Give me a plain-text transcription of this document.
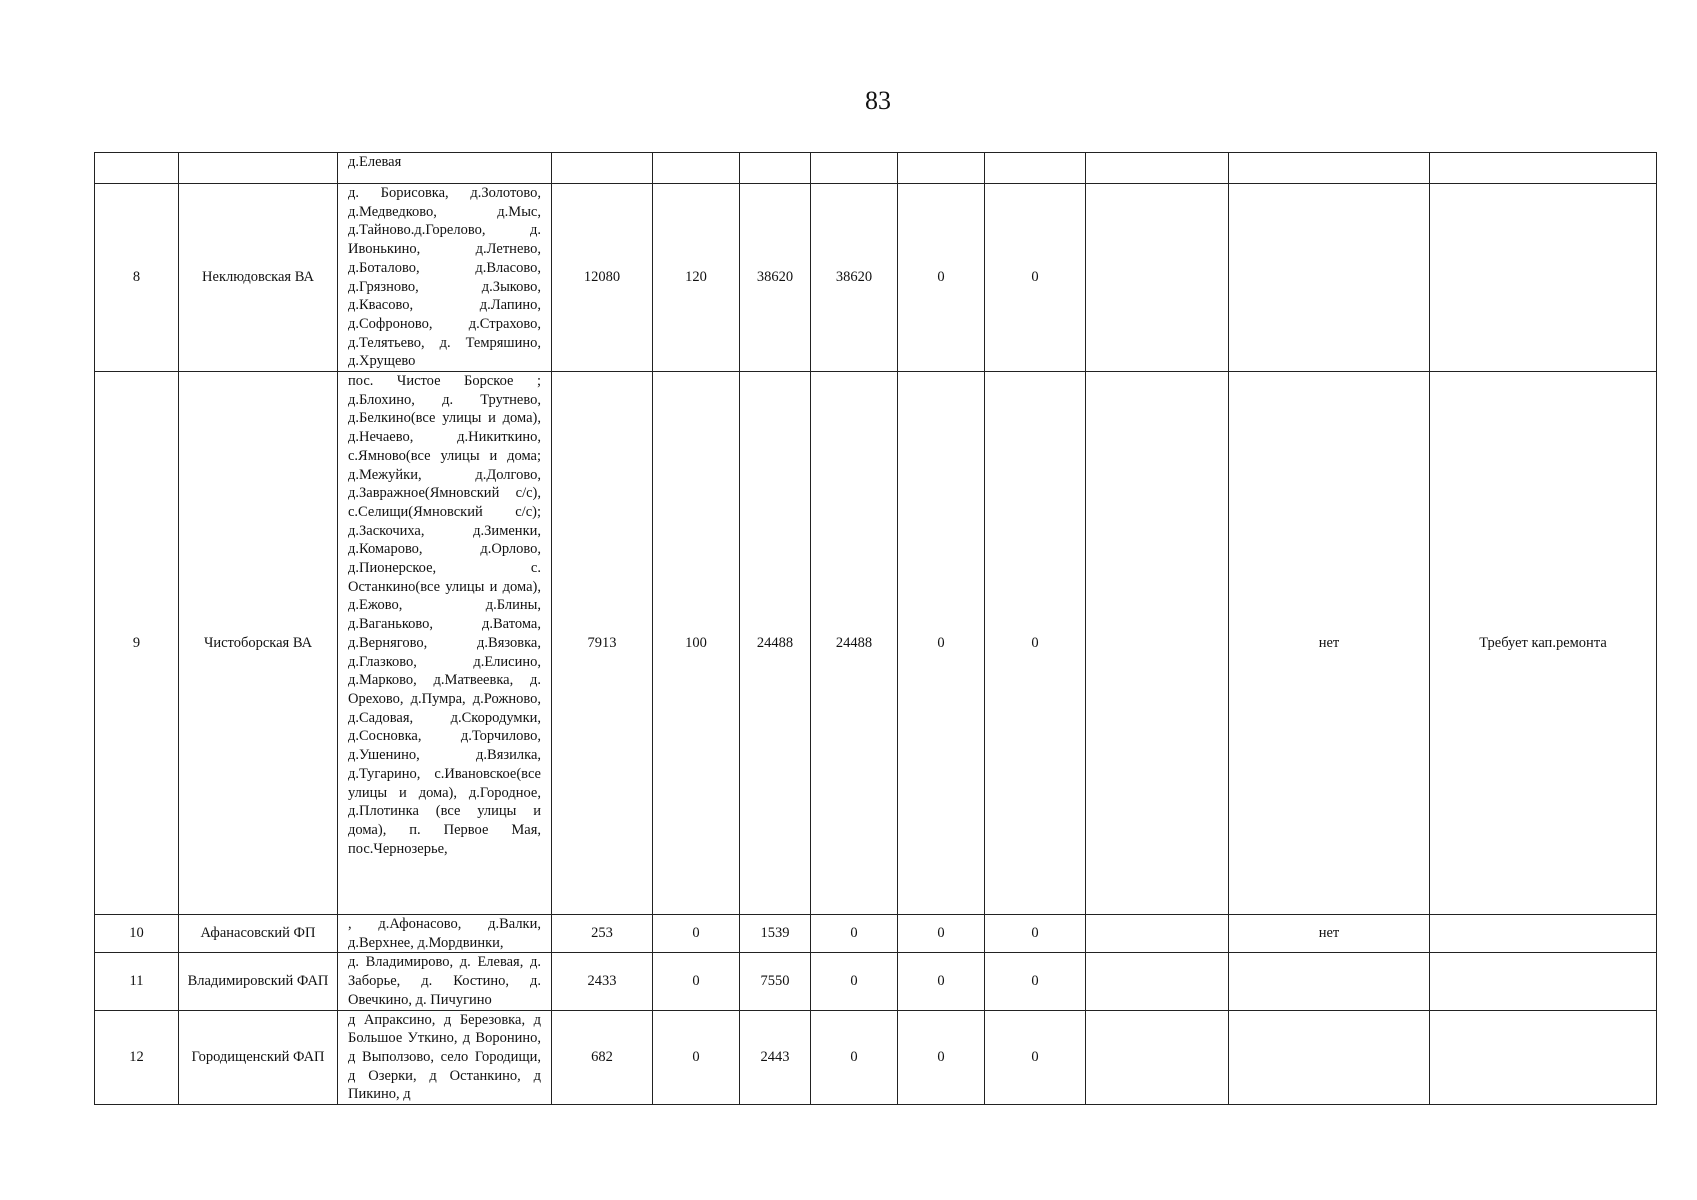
83
		д.Елевая									
8	Неклюдовская ВА	д. Борисовка, д.Золотово, д.Медведково, д.Мыс, д.Тайново.д.Горелово, д. Ивонькино, д.Летнево, д.Боталово, д.Власово, д.Грязново, д.Зыково, д.Квасово, д.Лапино, д.Софроново, д.Страхово, д.Телятьево, д. Темряшино, д.Хрущево	12080	120	38620	38620	0	0			
9	Чистоборская ВА	пос. Чистое Борское ; д.Блохино, д. Трутнево, д.Белкино(все улицы и дома), д.Нечаево, д.Никиткино, с.Ямново(все улицы и дома; д.Межуйки, д.Долгово, д.Завражное(Ямновский с/с), с.Селищи(Ямновский с/с); д.Заскочиха, д.Зименки, д.Комарово, д.Орлово, д.Пионерское, с. Останкино(все улицы и дома), д.Ежово, д.Блины, д.Ваганьково, д.Ватома, д.Вернягово, д.Вязовка, д.Глазково, д.Елисино, д.Марково, д.Матвеевка, д. Орехово, д.Пумра, д.Рожново, д.Садовая, д.Скородумки, д.Сосновка, д.Торчилово, д.Ушенино, д.Вязилка, д.Тугарино, с.Ивановское(все улицы и дома), д.Городное, д.Плотинка (все улицы и дома), п. Первое Мая, пос.Чернозерье,	7913	100	24488	24488	0	0		нет	Требует кап.ремонта
10	Афанасовский ФП	, д.Афонасово, д.Валки, д.Верхнее, д.Мордвинки,	253	0	1539	0	0	0		нет	
11	Владимировский ФАП	д. Владимирово, д. Елевая, д. Заборье, д. Костино, д. Овечкино, д. Пичугино	2433	0	7550	0	0	0			
12	Городищенский ФАП	д Апраксино, д Березовка, д Большое Уткино, д Воронино, д Выползово, село Городищи, д Озерки, д Останкино, д Пикино, д	682	0	2443	0	0	0			
